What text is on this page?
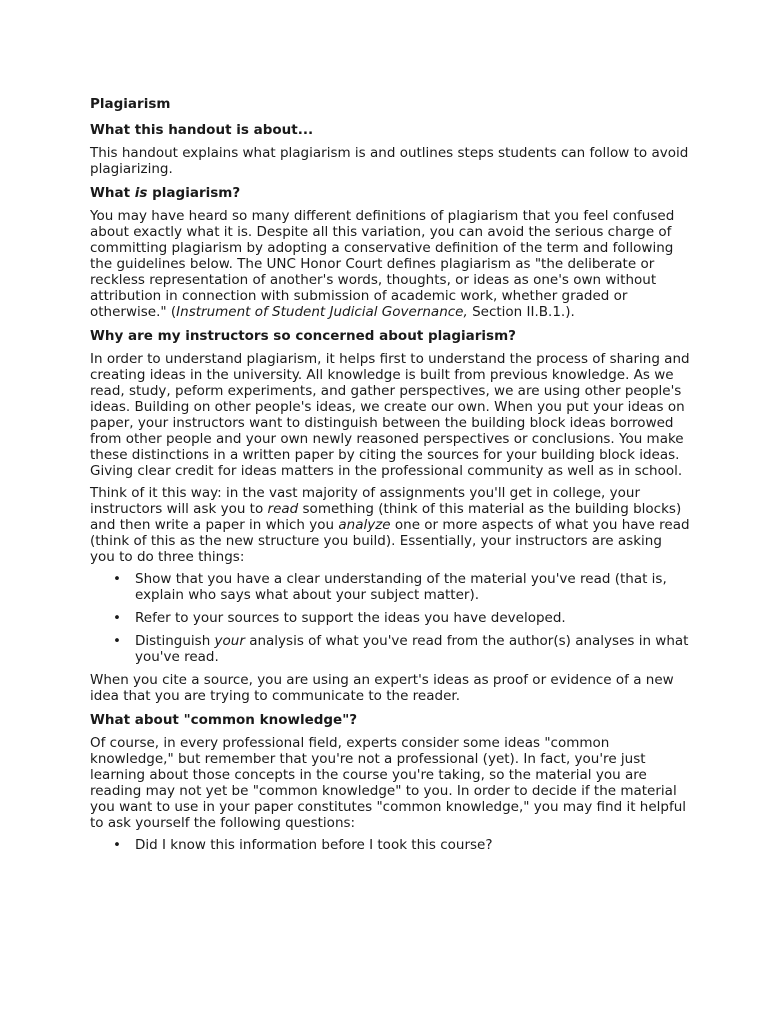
Plagiarism
What this handout is about...

This handout explains what plagiarism is and outlines steps students can follow to avoid plagiarizing.

What is plagiarism?

You may have heard so many different definitions of plagiarism that you feel confused about exactly what it is. Despite all this variation, you can avoid the serious charge of committing plagiarism by adopting a conservative definition of the term and following the guidelines below. The UNC Honor Court defines plagiarism as "the deliberate or reckless representation of another's words, thoughts, or ideas as one's own without attribution in connection with submission of academic work, whether graded or otherwise." (Instrument of Student Judicial Governance, Section II.B.1.).

Why are my instructors so concerned about plagiarism?

In order to understand plagiarism, it helps first to understand the process of sharing and creating ideas in the university. All knowledge is built from previous knowledge. As we read, study, peform experiments, and gather perspectives, we are using other people's ideas. Building on other people's ideas, we create our own. When you put your ideas on paper, your instructors want to distinguish between the building block ideas borrowed from other people and your own newly reasoned perspectives or conclusions. You make these distinctions in a written paper by citing the sources for your building block ideas. Giving clear credit for ideas matters in the professional community as well as in school.

Think of it this way: in the vast majority of assignments you'll get in college, your instructors will ask you to read something (think of this material as the building blocks) and then write a paper in which you analyze one or more aspects of what you have read (think of this as the new structure you build). Essentially, your instructors are asking you to do three things:

• Show that you have a clear understanding of the material you've read (that is, explain who says what about your subject matter).
• Refer to your sources to support the ideas you have developed.
• Distinguish your analysis of what you've read from the author(s) analyses in what you've read.

When you cite a source, you are using an expert's ideas as proof or evidence of a new idea that you are trying to communicate to the reader.

What about "common knowledge"?

Of course, in every professional field, experts consider some ideas "common knowledge," but remember that you're not a professional (yet). In fact, you're just learning about those concepts in the course you're taking, so the material you are reading may not yet be "common knowledge" to you. In order to decide if the material you want to use in your paper constitutes "common knowledge," you may find it helpful to ask yourself the following questions:

• Did I know this information before I took this course?
